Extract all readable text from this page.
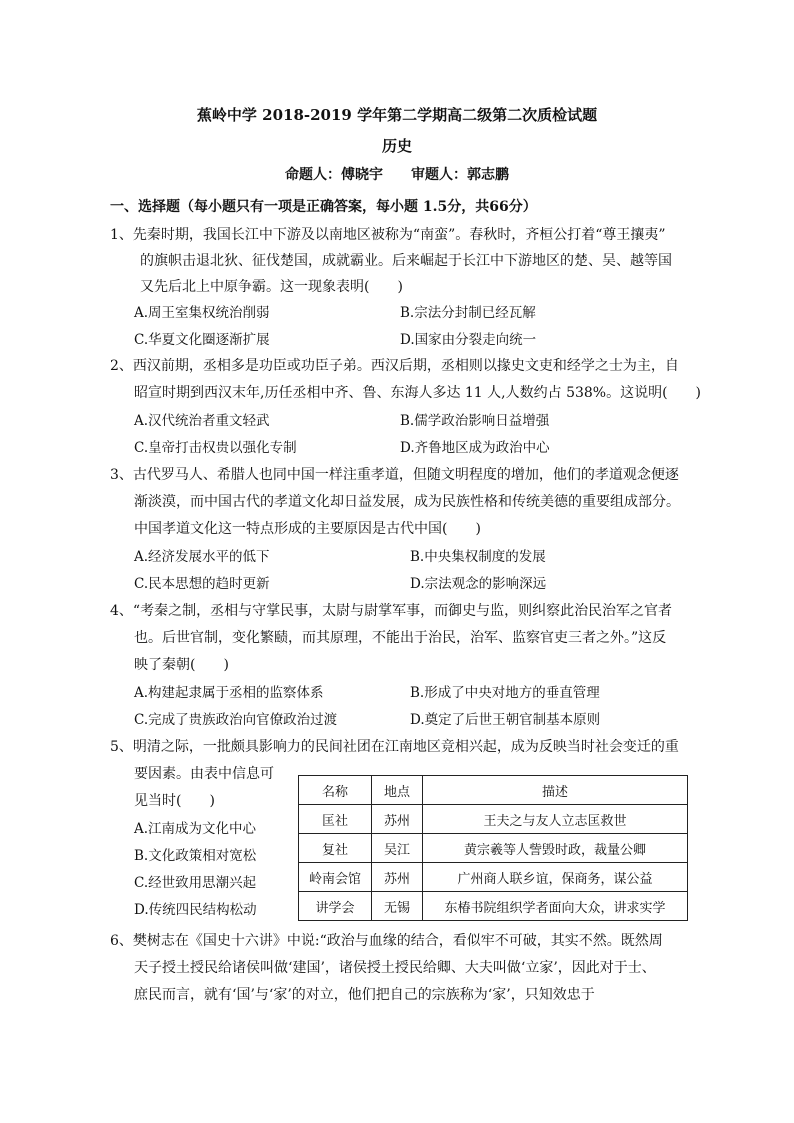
蕉岭中学 2018-2019 学年第二学期高二级第二次质检试题
历史
命题人：傅晓宇 审题人：郭志鹏
一、选择题（每小题只有一项是正确答案，每小题 1.5分，共66分）
1、先秦时期，我国长江中下游及以南地区被称为“南蛮”。春秋时，齐桓公打着“尊王攘夷”
的旗帜击退北狄、征伐楚国，成就霸业。后来崛起于长江中下游地区的楚、吴、越等国
又先后北上中原争霸。这一现象表明(　　)
A.周王室集权统治削弱	B.宗法分封制已经瓦解
C.华夏文化圈逐渐扩展	D.国家由分裂走向统一
2、西汉前期，丞相多是功臣或功臣子弟。西汉后期，丞相则以掾史文吏和经学之士为主，自
昭宣时期到西汉末年,历任丞相中齐、鲁、东海人多达 11 人,人数约占 538%。这说明(　　)
A.汉代统治者重文轻武	B.儒学政治影响日益增强
C.皇帝打击权贵以强化专制	D.齐鲁地区成为政治中心
3、古代罗马人、希腊人也同中国一样注重孝道，但随文明程度的增加，他们的孝道观念便逐
渐淡漠，而中国古代的孝道文化却日益发展，成为民族性格和传统美德的重要组成部分。
中国孝道文化这一特点形成的主要原因是古代中国(　　)
A.经济发展水平的低下	B.中央集权制度的发展
C.民本思想的趋时更新	D.宗法观念的影响深远
4、“考秦之制，丞相与守掌民事，太尉与尉掌军事，而御史与监，则纠察此治民治军之官者
也。后世官制，变化繁赜，而其原理，不能出于治民，治军、监察官吏三者之外。”这反
映了秦朝(　　)
A.构建起隶属于丞相的监察体系	B.形成了中央对地方的垂直管理
C.完成了贵族政治向官僚政治过渡	D.奠定了后世王朝官制基本原则
5、明清之际，一批颇具影响力的民间社团在江南地区竞相兴起，成为反映当时社会变迁的重
要因素。由表中信息可
见当时(　　)
A.江南成为文化中心
B.文化政策相对宽松
C.经世致用思潮兴起
D.传统四民结构松动
名称	地点	描述
匡社	苏州	王夫之与友人立志匡救世
复社	吴江	黄宗羲等人訾毁时政，裁量公卿
岭南会馆	苏州	广州商人联乡谊，保商务，谋公益
讲学会	无锡	东椿书院组织学者面向大众，讲求实学
6、樊树志在《国史十六讲》中说:“政治与血缘的结合，看似牢不可破，其实不然。既然周
天子授土授民给诸侯叫做‘建国’，诸侯授土授民给卿、大夫叫做‘立家’，因此对于士、
庶民而言，就有‘国’与‘家’的对立，他们把自己的宗族称为‘家’，只知效忠于
